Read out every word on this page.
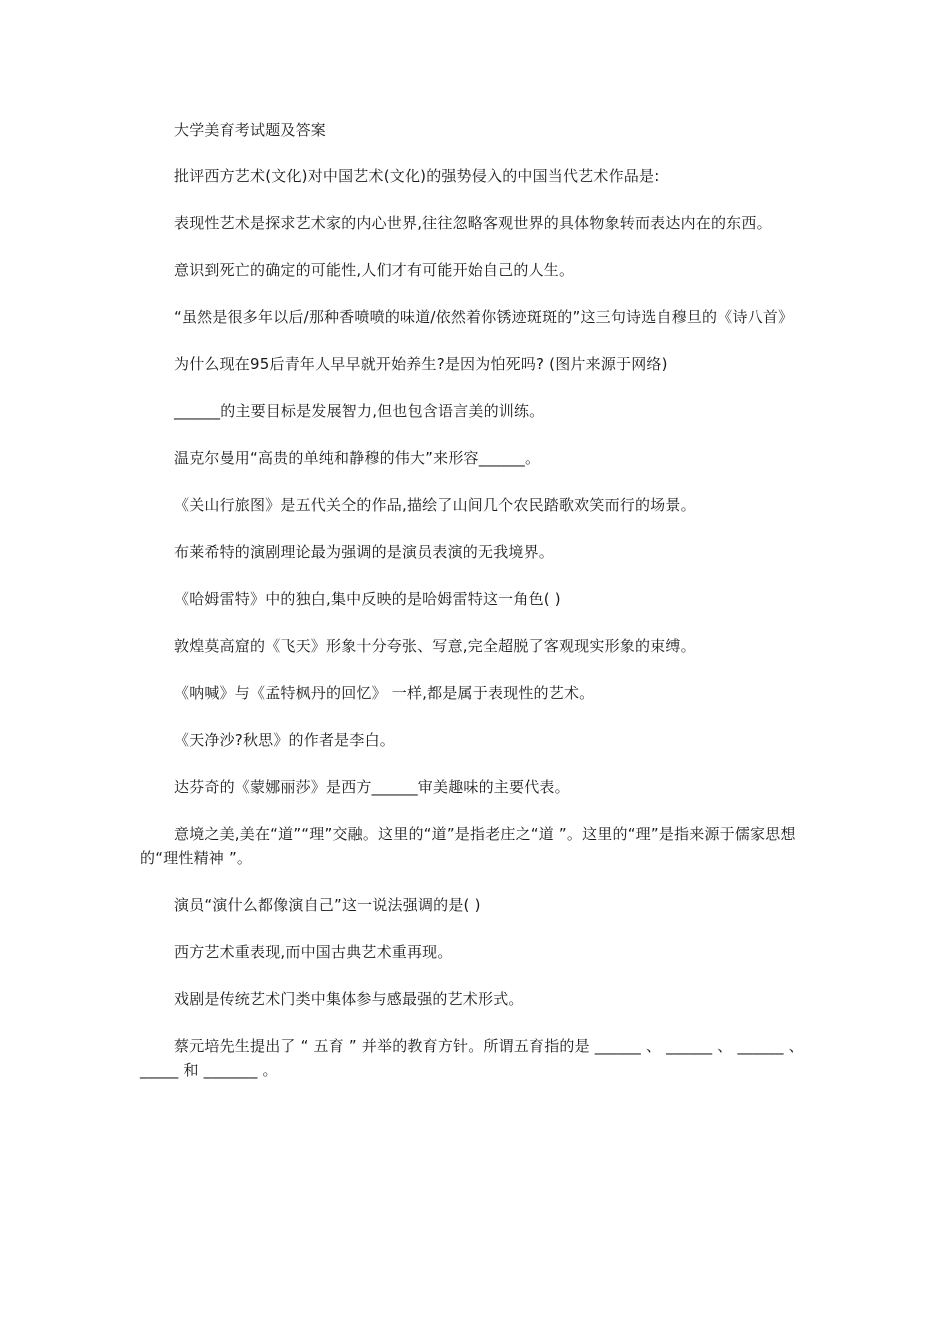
大学美育考试题及答案

批评西方艺术(文化)对中国艺术(文化)的强势侵入的中国当代艺术作品是:

表现性艺术是探求艺术家的内心世界,往往忽略客观世界的具体物象转而表达内在的东西。

意识到死亡的确定的可能性,人们才有可能开始自己的人生。

“虽然是很多年以后/那种香喷喷的味道/依然着你锈迹斑斑的”这三句诗选自穆旦的《诗八首》

为什么现在95后青年人早早就开始养生?是因为怕死吗? (图片来源于网络)

______的主要目标是发展智力,但也包含语言美的训练。

温克尔曼用“高贵的单纯和静穆的伟大”来形容______。

《关山行旅图》是五代关仝的作品,描绘了山间几个农民踏歌欢笑而行的场景。

布莱希特的演剧理论最为强调的是演员表演的无我境界。

《哈姆雷特》中的独白,集中反映的是哈姆雷特这一角色( )

敦煌莫高窟的《飞天》形象十分夸张、写意,完全超脱了客观现实形象的束缚。

《呐喊》与《孟特枫丹的回忆》 一样,都是属于表现性的艺术。

《天净沙?秋思》的作者是李白。

达芬奇的《蒙娜丽莎》是西方______审美趣味的主要代表。

意境之美,美在“道”“理”交融。这里的“道”是指老庄之“道 ”。这里的“理”是指来源于儒家思想的“理性精神 ”。

演员“演什么都像演自己”这一说法强调的是( )

西方艺术重表现,而中国古典艺术重再现。

戏剧是传统艺术门类中集体参与感最强的艺术形式。

蔡元培先生提出了 “ 五育 ” 并举的教育方针。所谓五育指的是 ______ 、 ______ 、 ______ 、 _____ 和 _______ 。
